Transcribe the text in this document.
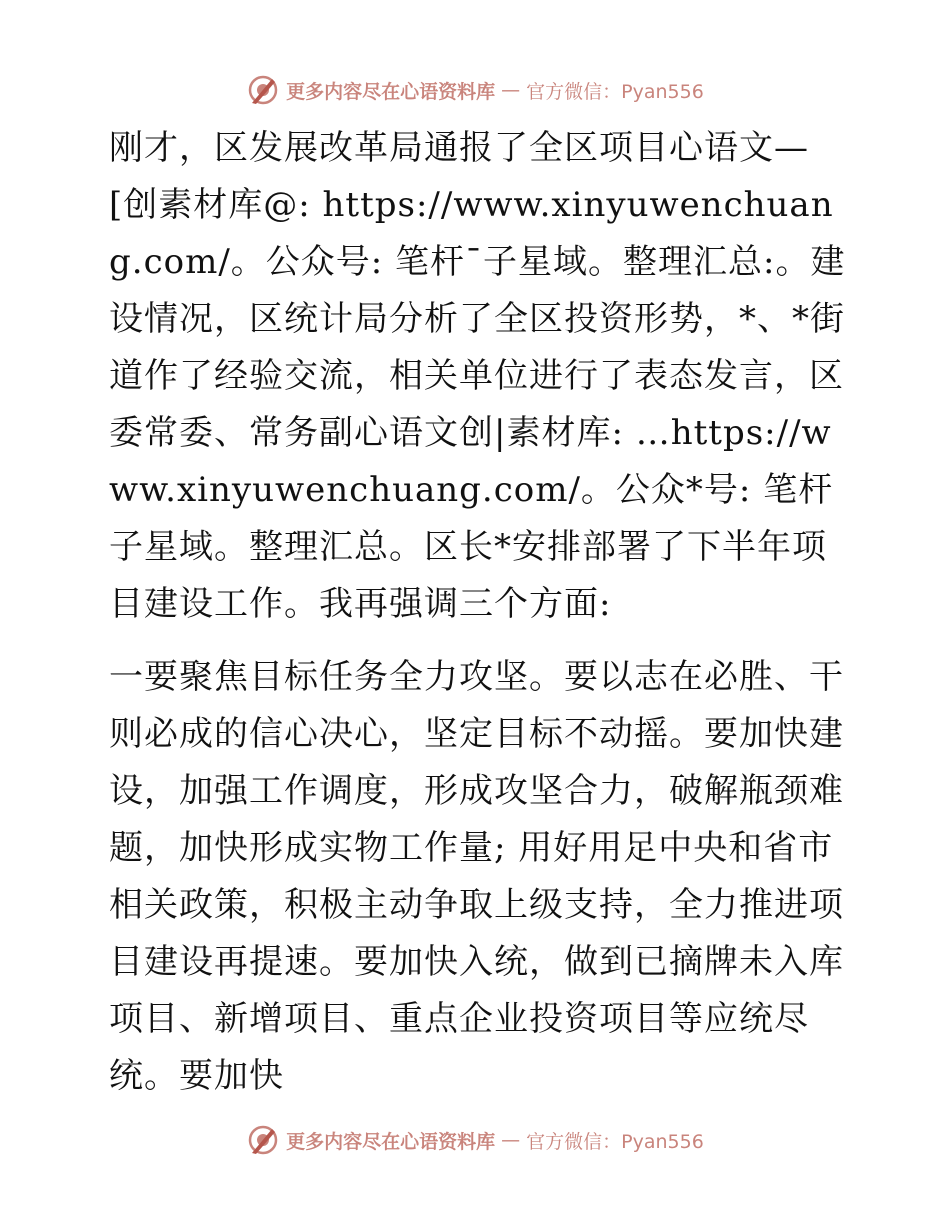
更多内容尽在心语资料库 — 官方微信：Pyan556

刚才，区发展改革局通报了全区项目心语文—[创素材库@: https://www.xinyuwenchuang.com/。公众号: 笔杆¯子星域。整理汇总:。建设情况，区统计局分析了全区投资形势，*、*街道作了经验交流，相关单位进行了表态发言，区委常委、常务副心语文创|素材库: …https://www.xinyuwenchuang.com/。公众*号: 笔杆子星域。整理汇总。区长*安排部署了下半年项目建设工作。我再强调三个方面:

一要聚焦目标任务全力攻坚。要以志在必胜、干则必成的信心决心，坚定目标不动摇。要加快建设，加强工作调度，形成攻坚合力，破解瓶颈难题，加快形成实物工作量; 用好用足中央和省市相关政策，积极主动争取上级支持，全力推进项目建设再提速。要加快入统，做到已摘牌未入库项目、新增项目、重点企业投资项目等应统尽统。要加快

更多内容尽在心语资料库 — 官方微信：Pyan556
